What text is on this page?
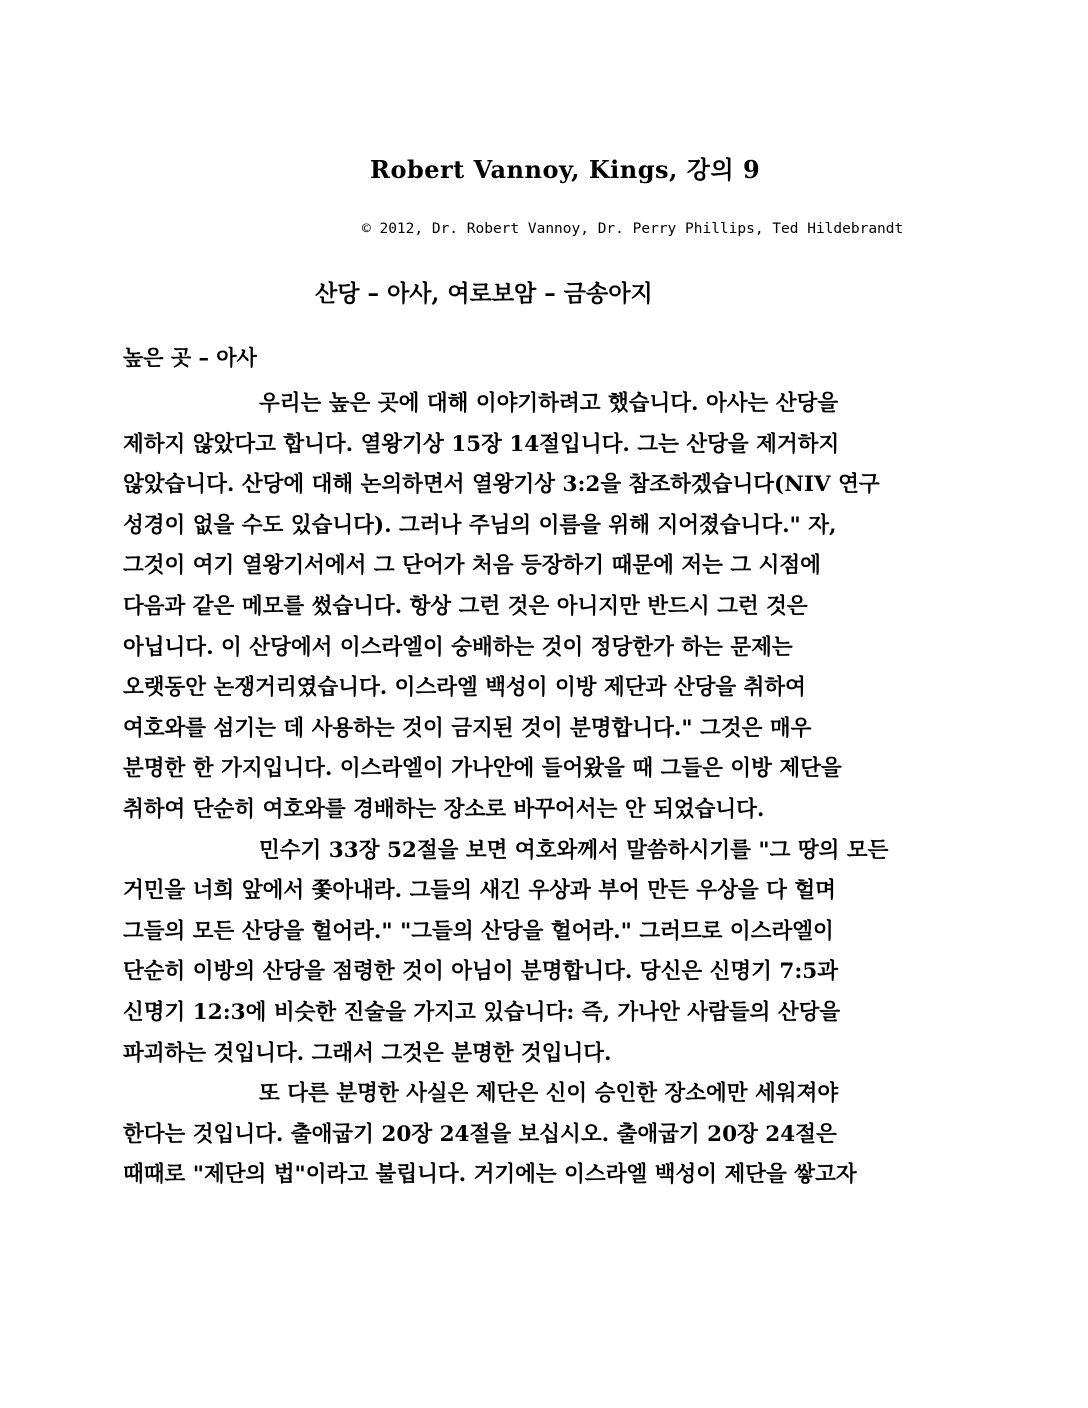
Robert Vannoy, Kings, 강의 9
© 2012, Dr. Robert Vannoy, Dr. Perry Phillips, Ted Hildebrandt
산당 – 아사, 여로보암 – 금송아지
높은 곳 – 아사
우리는 높은 곳에 대해 이야기하려고 했습니다. 아사는 산당을
제하지 않았다고 합니다. 열왕기상 15장 14절입니다. 그는 산당을 제거하지
않았습니다. 산당에 대해 논의하면서 열왕기상 3:2을 참조하겠습니다(NIV 연구
성경이 없을 수도 있습니다). 그러나 주님의 이름을 위해 지어졌습니다." 자,
그것이 여기 열왕기서에서 그 단어가 처음 등장하기 때문에 저는 그 시점에
다음과 같은 메모를 썼습니다. 항상 그런 것은 아니지만 반드시 그런 것은
아닙니다. 이 산당에서 이스라엘이 숭배하는 것이 정당한가 하는 문제는
오랫동안 논쟁거리였습니다. 이스라엘 백성이 이방 제단과 산당을 취하여
여호와를 섬기는 데 사용하는 것이 금지된 것이 분명합니다." 그것은 매우
분명한 한 가지입니다. 이스라엘이 가나안에 들어왔을 때 그들은 이방 제단을
취하여 단순히 여호와를 경배하는 장소로 바꾸어서는 안 되었습니다.
민수기 33장 52절을 보면 여호와께서 말씀하시기를 "그 땅의 모든
거민을 너희 앞에서 쫓아내라. 그들의 새긴 우상과 부어 만든 우상을 다 헐며
그들의 모든 산당을 헐어라." "그들의 산당을 헐어라." 그러므로 이스라엘이
단순히 이방의 산당을 점령한 것이 아님이 분명합니다. 당신은 신명기 7:5과
신명기 12:3에 비슷한 진술을 가지고 있습니다: 즉, 가나안 사람들의 산당을
파괴하는 것입니다. 그래서 그것은 분명한 것입니다.
또 다른 분명한 사실은 제단은 신이 승인한 장소에만 세워져야
한다는 것입니다. 출애굽기 20장 24절을 보십시오. 출애굽기 20장 24절은
때때로 "제단의 법"이라고 불립니다. 거기에는 이스라엘 백성이 제단을 쌓고자
